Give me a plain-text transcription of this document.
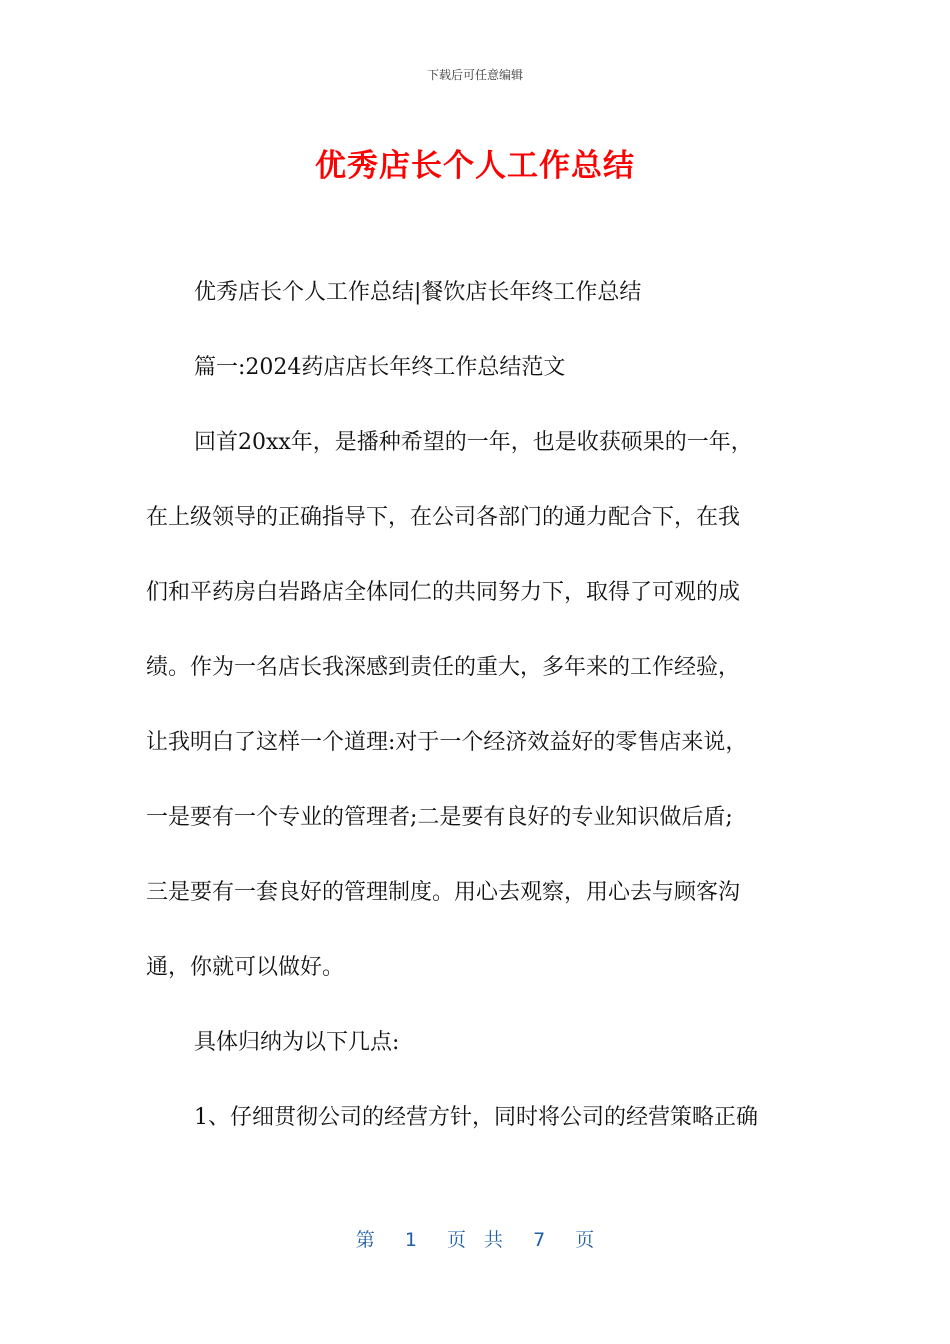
下载后可任意编辑
优秀店长个人工作总结
优秀店长个人工作总结|餐饮店长年终工作总结
篇一:2024药店店长年终工作总结范文
回首20xx年，是播种希望的一年，也是收获硕果的一年，
在上级领导的正确指导下，在公司各部门的通力配合下，在我
们和平药房白岩路店全体同仁的共同努力下，取得了可观的成
绩。作为一名店长我深感到责任的重大，多年来的工作经验，
让我明白了这样一个道理:对于一个经济效益好的零售店来说，
一是要有一个专业的管理者;二是要有良好的专业知识做后盾;
三是要有一套良好的管理制度。用心去观察，用心去与顾客沟
通，你就可以做好。
具体归纳为以下几点:
1、仔细贯彻公司的经营方针，同时将公司的经营策略正确
第 1 页 共 7 页
